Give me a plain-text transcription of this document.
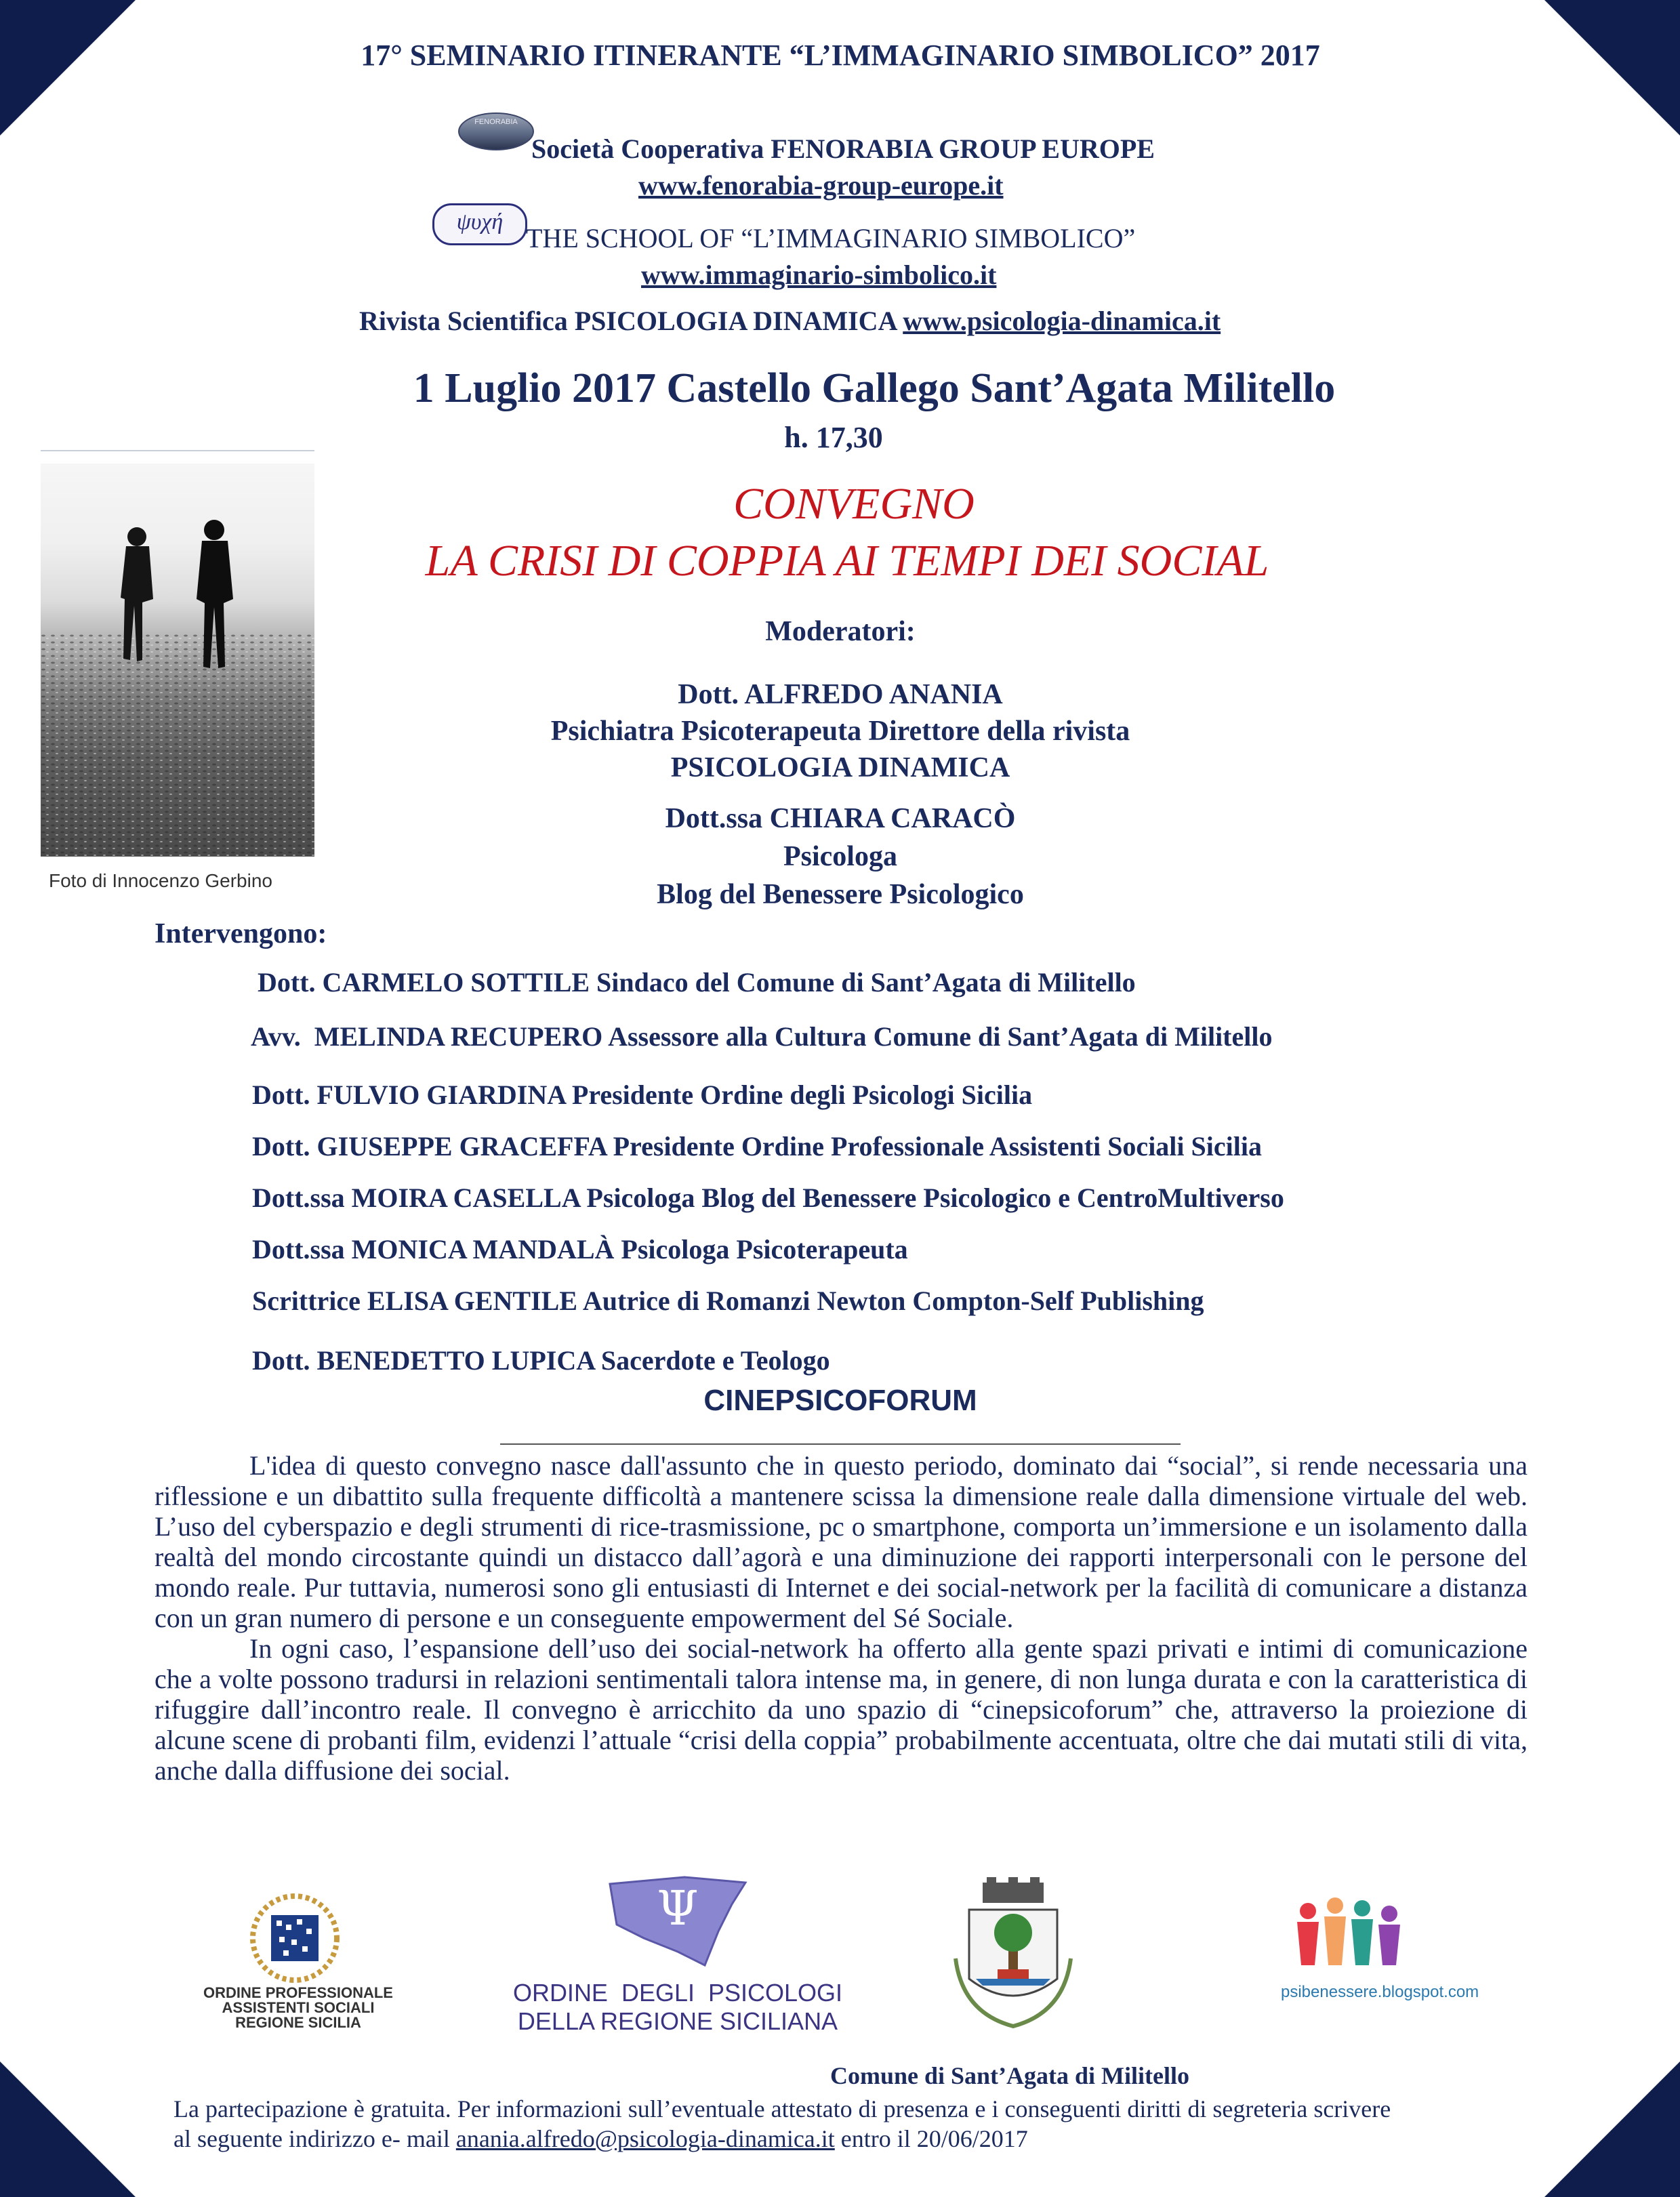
17° SEMINARIO ITINERANTE “L’IMMAGINARIO SIMBOLICO” 2017
FENORABIA
Società Cooperativa FENORABIA GROUP EUROPE
www.fenorabia-group-europe.it
ψυχή
THE SCHOOL OF “L’IMMAGINARIO SIMBOLICO”
www.immaginario-simbolico.it
Rivista Scientifica PSICOLOGIA DINAMICA www.psicologia-dinamica.it
1 Luglio 2017 Castello Gallego Sant’Agata Militello
h. 17,30
CONVEGNO
LA CRISI DI COPPIA AI TEMPI DEI SOCIAL
Foto di Innocenzo Gerbino
Moderatori:
Dott. ALFREDO ANANIA
Psichiatra Psicoterapeuta Direttore della rivista
PSICOLOGIA DINAMICA
Dott.ssa CHIARA CARACÒ
Psicologa
Blog del Benessere Psicologico
Intervengono:
Dott. CARMELO SOTTILE Sindaco del Comune di Sant’Agata di Militello
Avv.  MELINDA RECUPERO Assessore alla Cultura Comune di Sant’Agata di Militello
Dott. FULVIO GIARDINA Presidente Ordine degli Psicologi Sicilia
Dott. GIUSEPPE GRACEFFA Presidente Ordine Professionale Assistenti Sociali Sicilia
Dott.ssa MOIRA CASELLA Psicologa Blog del Benessere Psicologico e CentroMultiverso
Dott.ssa MONICA MANDALÀ Psicologa Psicoterapeuta
Scrittrice ELISA GENTILE Autrice di Romanzi Newton Compton-Self Publishing
Dott. BENEDETTO LUPICA Sacerdote e Teologo
CINEPSICOFORUM

L'idea di questo convegno nasce dall'assunto che in questo periodo, dominato dai “social”, si rende necessaria una riflessione e un dibattito sulla frequente difficoltà a mantenere scissa la dimensione reale dalla dimensione virtuale del web. L’uso del cyberspazio e degli strumenti di rice-trasmissione, pc o smartphone, comporta un’immersione e un isolamento dalla realtà del mondo circostante quindi un distacco dall’agorà e una diminuzione dei rapporti interpersonali con le persone del mondo reale. Pur tuttavia, numerosi sono gli entusiasti di Internet e dei social-network per la facilità di comunicare a distanza con un gran numero di persone e un conseguente empowerment del Sé Sociale.

In ogni caso, l’espansione dell’uso dei social-network ha offerto alla gente spazi privati e intimi di comunicazione che a volte possono tradursi in relazioni sentimentali talora intense ma, in genere, di non lunga durata e con la caratteristica di rifuggire dall’incontro reale. Il convegno è arricchito da uno spazio di “cinepsicoforum” che, attraverso la proiezione di alcune scene di probanti film, evidenzi l’attuale “crisi della coppia” probabilmente accentuata, oltre che dai mutati stili di vita, anche dalla diffusione dei social.

ORDINE PROFESSIONALE
ASSISTENTI SOCIALI
REGIONE SICILIA
Ψ
ORDINE  DEGLI  PSICOLOGI
DELLA REGIONE SICILIANA
psibenessere.blogspot.com
Comune di Sant’Agata di Militello
La partecipazione è gratuita. Per informazioni sull’eventuale attestato di presenza e i conseguenti diritti di segreteria scrivere
al seguente indirizzo e- mail anania.alfredo@psicologia-dinamica.it entro il 20/06/2017
